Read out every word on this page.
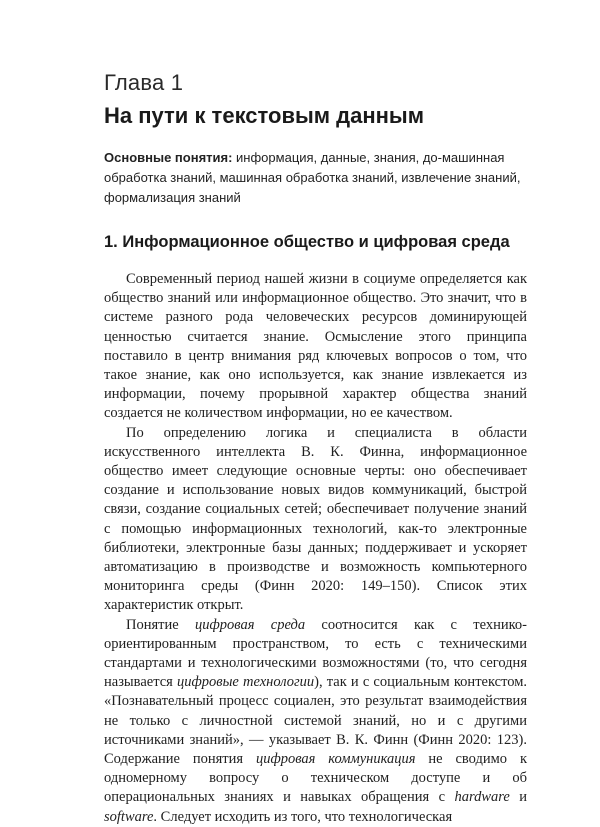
Глава 1
На пути к текстовым данным
Основные понятия: информация, данные, знания, до-машинная обработка знаний, машинная обработка знаний, извлечение знаний, формализация знаний
1. Информационное общество и цифровая среда

Современный период нашей жизни в социуме определяется как общество знаний или информационное общество. Это значит, что в системе разного рода человеческих ресурсов доминирующей ценностью считается знание. Осмысление этого принципа поставило в центр внимания ряд ключевых вопросов о том, что такое знание, как оно используется, как знание извлекается из информации, почему прорывной характер общества знаний создается не количеством информации, но ее качеством.

По определению логика и специалиста в области искусственного интеллекта В. К. Финна, информационное общество имеет следующие основные черты: оно обеспечивает создание и использование новых видов коммуникаций, быстрой связи, создание социальных сетей; обеспечивает получение знаний с помощью информационных технологий, как-то электронные библиотеки, электронные базы данных; поддерживает и ускоряет автоматизацию в производстве и возможность компьютерного мониторинга среды (Финн 2020: 149–150). Список этих характеристик открыт.

Понятие цифровая среда соотносится как с технико-ориентированным пространством, то есть с техническими стандартами и технологическими возможностями (то, что сегодня называется цифровые технологии), так и с социальным контекстом. «Познавательный процесс социален, это результат взаимодействия не только с личностной системой знаний, но и с другими источниками знаний», — указывает В. К. Финн (Финн 2020: 123). Содержание понятия цифровая коммуникация не сводимо к одномерному вопросу о техническом доступе и об операциональных знаниях и навыках обращения с hardware и software. Следует исходить из того, что технологическая
